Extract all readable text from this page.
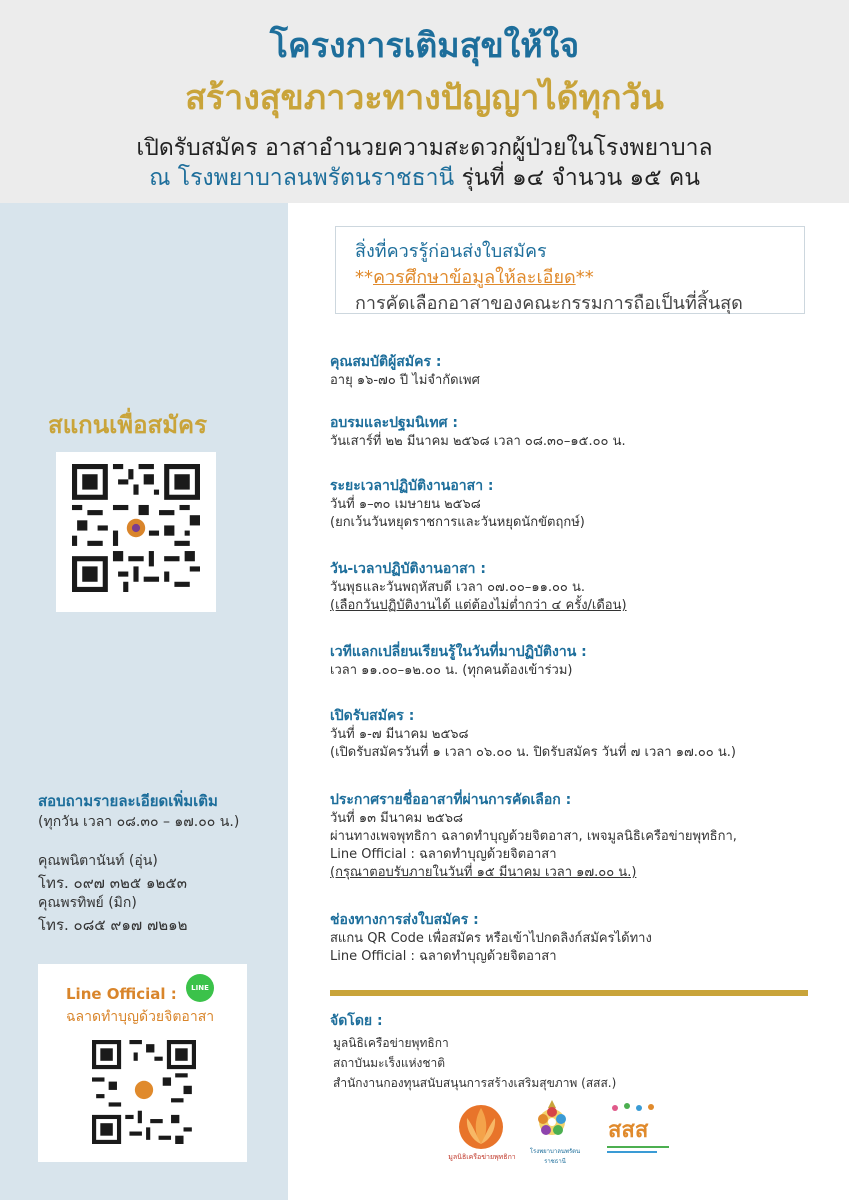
โครงการเติมสุขให้ใจ
สร้างสุขภาวะทางปัญญาได้ทุกวัน
เปิดรับสมัคร อาสาอำนวยความสะดวกผู้ป่วยในโรงพยาบาล
ณ โรงพยาบาลนพรัตนราชธานี รุ่นที่ ๑๔ จำนวน ๑๕ คน
สแกนเพื่อสมัคร
สอบถามรายละเอียดเพิ่มเติม
(ทุกวัน เวลา ๐๘.๓๐ – ๑๗.๐๐ น.)
คุณพนิตานันท์ (อุ่น)
โทร. ๐๙๗ ๓๒๕ ๑๒๕๓
คุณพรทิพย์ (มิก)
โทร. ๐๘๕ ๙๑๗ ๗๒๑๒
Line Official :	LINE
ฉลาดทำบุญด้วยจิตอาสา
สิ่งที่ควรรู้ก่อนส่งใบสมัคร
**ควรศึกษาข้อมูลให้ละเอียด**
การคัดเลือกอาสาของคณะกรรมการถือเป็นที่สิ้นสุด
คุณสมบัติผู้สมัคร :
อายุ ๑๖-๗๐ ปี ไม่จำกัดเพศ
อบรมและปฐมนิเทศ :
วันเสาร์ที่ ๒๒ มีนาคม ๒๕๖๘ เวลา ๐๘.๓๐–๑๕.๐๐ น.
ระยะเวลาปฏิบัติงานอาสา :
วันที่ ๑–๓๐ เมษายน ๒๕๖๘
(ยกเว้นวันหยุดราชการและวันหยุดนักขัตฤกษ์)
วัน-เวลาปฏิบัติงานอาสา :
วันพุธและวันพฤหัสบดี เวลา ๐๗.๐๐–๑๑.๐๐ น.
(เลือกวันปฏิบัติงานได้ แต่ต้องไม่ต่ำกว่า ๔ ครั้ง/เดือน)
เวทีแลกเปลี่ยนเรียนรู้ในวันที่มาปฏิบัติงาน :
เวลา ๑๑.๐๐–๑๒.๐๐ น. (ทุกคนต้องเข้าร่วม)
เปิดรับสมัคร :
วันที่ ๑-๗ มีนาคม ๒๕๖๘
(เปิดรับสมัครวันที่ ๑ เวลา ๐๖.๐๐ น. ปิดรับสมัคร วันที่ ๗ เวลา ๑๗.๐๐ น.)
ประกาศรายชื่ออาสาที่ผ่านการคัดเลือก :
วันที่ ๑๓ มีนาคม ๒๕๖๘
ผ่านทางเพจพุทธิกา ฉลาดทำบุญด้วยจิตอาสา, เพจมูลนิธิเครือข่ายพุทธิกา,
Line Official : ฉลาดทำบุญด้วยจิตอาสา
(กรุณาตอบรับภายในวันที่ ๑๕ มีนาคม เวลา ๑๗.๐๐ น.)
ช่องทางการส่งใบสมัคร :
สแกน QR Code เพื่อสมัคร หรือเข้าไปกดลิงก์สมัครได้ทาง
Line Official : ฉลาดทำบุญด้วยจิตอาสา
จัดโดย :
มูลนิธิเครือข่ายพุทธิกา
สถาบันมะเร็งแห่งชาติ
สำนักงานกองทุนสนับสนุนการสร้างเสริมสุขภาพ (สสส.)
มูลนิธิเครือข่ายพุทธิกา
โรงพยาบาลนพรัตนราชธานี
สสส
